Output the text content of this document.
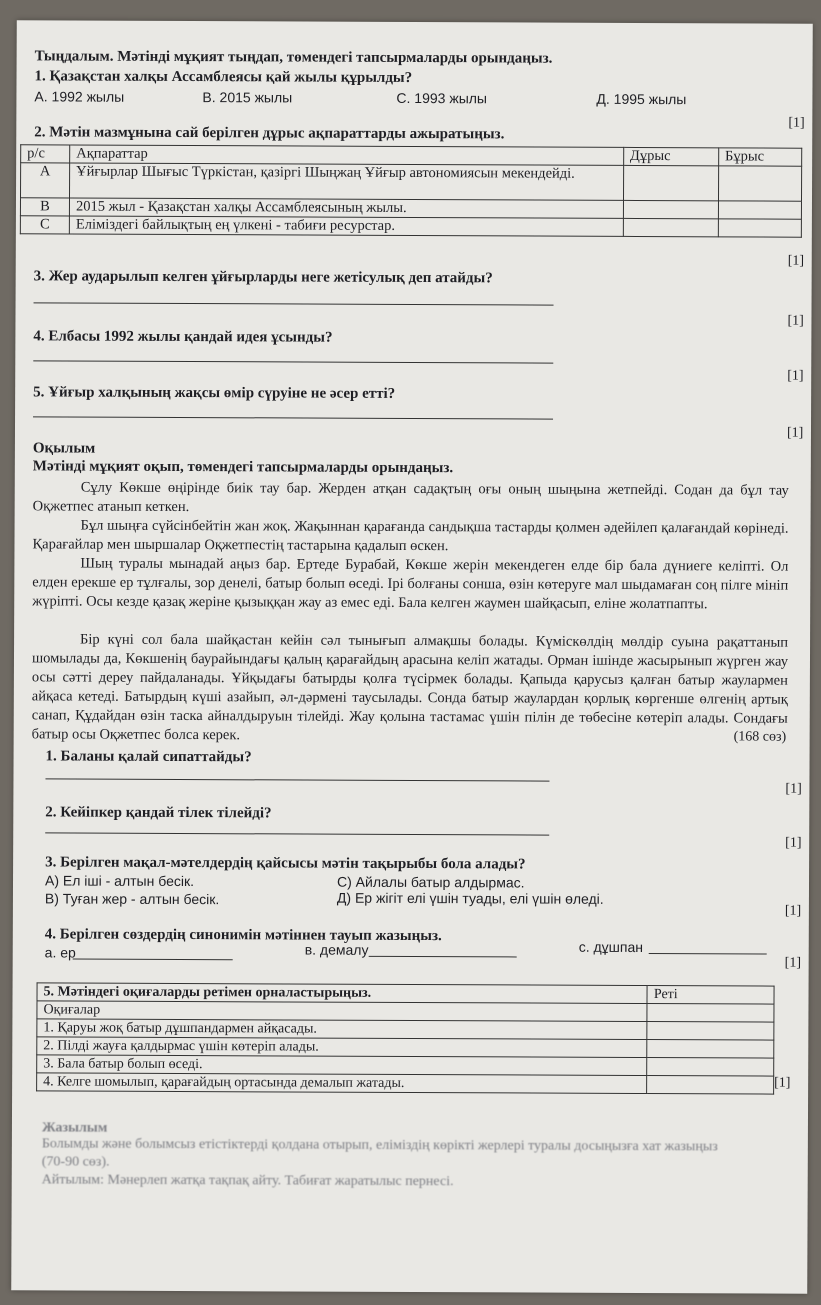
Тыңдалым. Мәтінді мұқият тыңдап, төмендегі тапсырмаларды орындаңыз.
1. Қазақстан халқы Ассамблеясы қай жылы құрылды?
А. 1992 жылы	В. 2015 жылы	С. 1993 жылы	Д. 1995 жылы
[1]
2. Мәтін мазмұнына сай берілген дұрыс ақпараттарды ажыратыңыз.
р/с	Ақпараттар	Дұрыс	Бұрыс
А	Ұйғырлар Шығыс Түркістан, қазіргі Шыңжаң Ұйғыр автономиясын мекендейді.		
В	2015 жыл - Қазақстан халқы Ассамблеясының жылы.		
С	Еліміздегі байлықтың ең үлкені - табиғи ресурстар.		
[1]
3. Жер аударылып келген ұйғырларды неге жетісулық деп атайды?
[1]
4. Елбасы 1992 жылы қандай идея ұсынды?
[1]
5. Ұйғыр халқының жақсы өмір сүруіне не әсер етті?
[1]
Оқылым
Мәтінді мұқият оқып, төмендегі тапсырмаларды орындаңыз.
Сұлу Көкше өңірінде биік тау бар. Жерден атқан садақтың оғы оның шыңына жетпейді. Содан да бұл тау Оқжетпес атанып кеткен.
Бұл шыңға сүйсінбейтін жан жоқ. Жақыннан қарағанда сандықша тастарды қолмен әдейілеп қалағандай көрінеді. Қарағайлар мен шыршалар Оқжетпестің тастарына қадалып өскен.
Шың туралы мынадай аңыз бар. Ертеде Бурабай, Көкше жерін мекендеген елде бір бала дүниеге келіпті. Ол елден ерекше ер тұлғалы, зор денелі, батыр болып өседі. Ірі болғаны сонша, өзін көтеруге мал шыдамаған соң пілге мініп жүріпті. Осы кезде қазақ жеріне қызыққан жау аз емес еді. Бала келген жаумен шайқасып, еліне жолатпапты.
Бір күні сол бала шайқастан кейін сәл тынығып алмақшы болады. Күміскөлдің мөлдір суына рақаттанып шомылады да, Көкшенің баурайындағы қалың қарағайдың арасына келіп жатады. Орман ішінде жасырынып жүрген жау осы сәтті дереу пайдаланады. Ұйқыдағы батырды қолға түсірмек болады. Қапыда қаруcыз қалған батыр жаулармен айқаса кетеді. Батырдың күші азайып, әл-дәрмені таусылады. Сонда батыр жаулардан қорлық көргенше өлгенің артық санап, Құдайдан өзін таска айналдыруын тілейді. Жау қолына тастамас үшін пілін де төбесіне көтеріп алады. Сондағы батыр осы Оқжетпес болса керек.	(168 сөз)
1. Баланы қалай сипаттайды?
[1]
2. Кейіпкер қандай тілек тілейді?
[1]
3. Берілген мақал-мәтелдердің қайсысы мәтін тақырыбы бола алады?
А) Ел іші - алтын бесік.	С) Айлалы батыр алдырмас.
В) Туған жер - алтын бесік.	Д) Ер жігіт елі үшін туады, елі үшін өледі.
[1]
4. Берілген сөздердің синонимін мәтіннен тауып жазыңыз.
а. ер	в. демалу	с. дұшпан
[1]
5. Мәтіндегі оқиғаларды ретімен орналастырыңыз.	Реті
Оқиғалар	
1. Қаруы жоқ батыр дұшпандармен айқасады.	
2. Пілді жауға қалдырмас үшін көтеріп алады.	
3. Бала батыр болып өседі.	
4. Келге шомылып, қарағайдың ортасында демалып жатады.		[1]
Жазылым
Болымды және болымсыз етістіктерді қолдана отырып, еліміздің көрікті жерлері туралы досыңызға хат жазыңыз
(70-90 сөз).
Айтылым: Мәнерлеп жатқа тақпақ айту. Табиғат жаратылыс пернесі.
